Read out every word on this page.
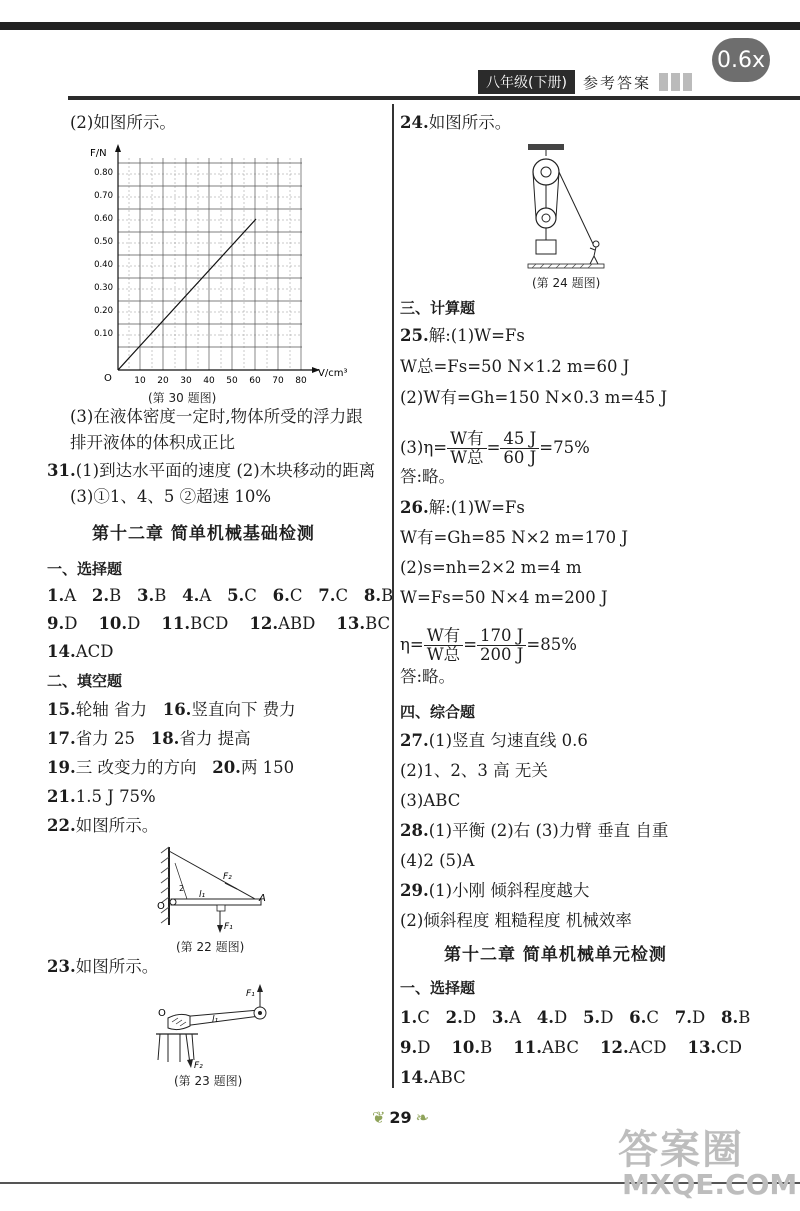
0.6x
八年级(下册)	参考答案
(2)如图所示。
F/N
V/cm³
O
0.80
0.70
0.60
0.50
0.40
0.30
0.20
0.10
10 20 30 40 50 60 70 80
(第 30 题图)
(3)在液体密度一定时,物体所受的浮力跟
排开液体的体积成正比
31.(1)到达水平面的速度 (2)木块移动的距离
(3)①1、4、5 ②超速 10%
第十二章 简单机械基础检测
一、选择题
1.A 2.B 3.B 4.A 5.C 6.C 7.C 8.B
9.D 10.D 11.BCD 12.ABD 13.BC
14.ACD
二、填空题
15.轮轴 省力 16.竖直向下 费力
17.省力 25 18.省力 提高
19.三 改变力的方向 20.两 150
21.1.5 J 75%
22.如图所示。
O
A
F₂
F₁
l₁
2
(第 22 题图)
23.如图所示。
O
F₁
F₂
l₁
(第 23 题图)
24.如图所示。
(第 24 题图)
三、计算题
25.解:(1)W=Fs
W总=Fs=50 N×1.2 m=60 J
(2)W有=Gh=150 N×0.3 m=45 J
$(3)\eta= \frac{\text{W有}}{\text{W总}} = \frac{45 J}{60 J} =75\%$
答:略。
26.解:(1)W=Fs
W有=Gh=85 N×2 m=170 J
(2)s=nh=2×2 m=4 m
W=Fs=50 N×4 m=200 J
$\eta= \frac{\text{W有}}{\text{W总}} = \frac{170 J}{200 J} =85\%$
答:略。
四、综合题
27.(1)竖直 匀速直线 0.6
(2)1、2、3 高 无关
(3)ABC
28.(1)平衡 (2)右 (3)力臂 垂直 自重
(4)2 (5)A
29.(1)小刚 倾斜程度越大
(2)倾斜程度 粗糙程度 机械效率
第十二章 简单机械单元检测
一、选择题
1.C 2.D 3.A 4.D 5.D 6.C 7.D 8.B
9.D 10.B 11.ABC 12.ACD 13.CD
14.ABC
❦ 29 ❧
答案圈
MXQE.COM
